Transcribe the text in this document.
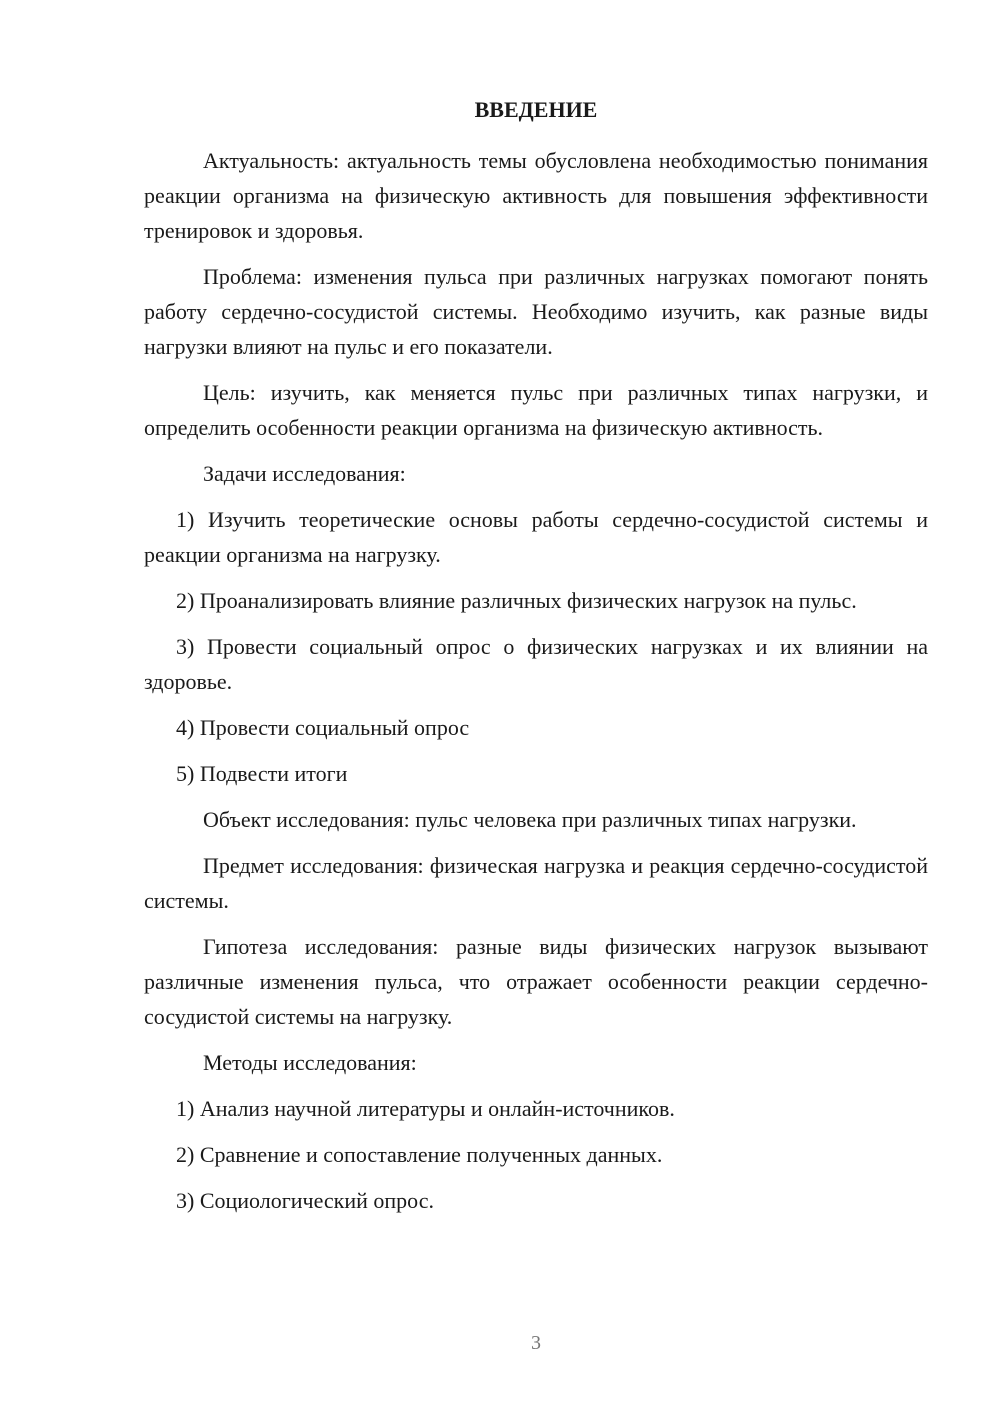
ВВЕДЕНИЕ

Актуальность: актуальность темы обусловлена необходимостью понимания реакции организма на физическую активность для повышения эффективности тренировок и здоровья.

Проблема: изменения пульса при различных нагрузках помогают понять работу сердечно-сосудистой системы. Необходимо изучить, как разные виды нагрузки влияют на пульс и его показатели.

Цель: изучить, как меняется пульс при различных типах нагрузки, и определить особенности реакции организма на физическую активность.

Задачи исследования:

1) Изучить теоретические основы работы сердечно-сосудистой системы и реакции организма на нагрузку.

2) Проанализировать влияние различных физических нагрузок на пульс.

3) Провести социальный опрос о физических нагрузках и их влиянии на здоровье.

4) Провести социальный опрос

5) Подвести итоги

Объект исследования: пульс человека при различных типах нагрузки.

Предмет исследования: физическая нагрузка и реакция сердечно-сосудистой системы.

Гипотеза исследования: разные виды физических нагрузок вызывают различные изменения пульса, что отражает особенности реакции сердечно-сосудистой системы на нагрузку.

Методы исследования:

1) Анализ научной литературы и онлайн-источников.

2) Сравнение и сопоставление полученных данных.

3) Социологический опрос.

3
